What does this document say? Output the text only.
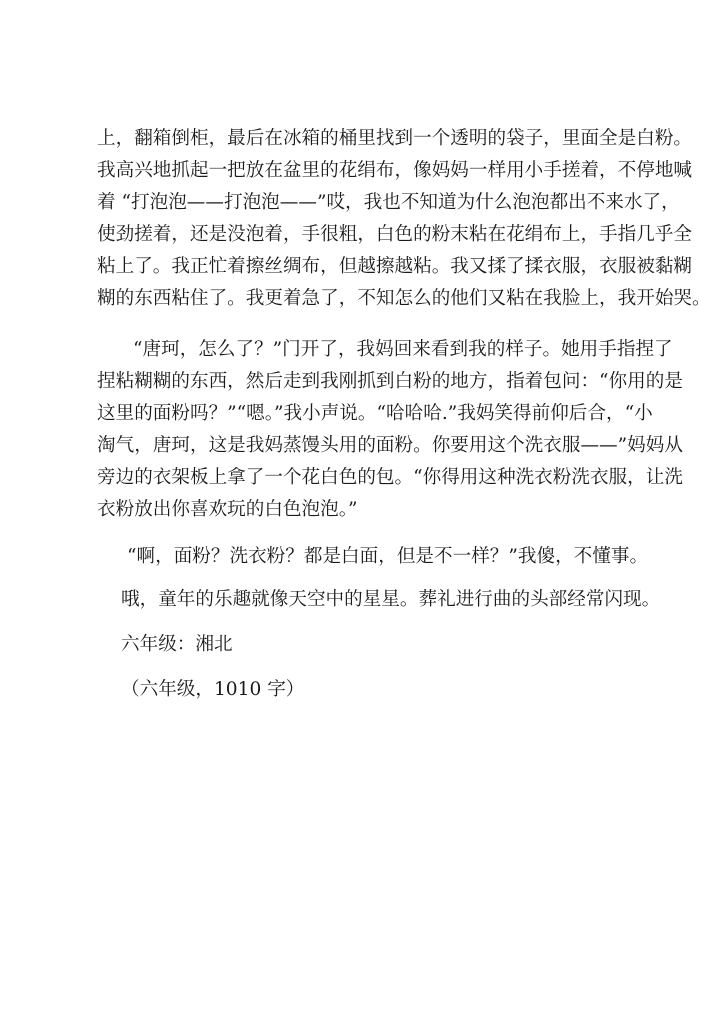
上，翻箱倒柜，最后在冰箱的桶里找到一个透明的袋子，里面全是白粉。
我高兴地抓起一把放在盆里的花绢布，像妈妈一样用小手搓着，不停地喊
着 “打泡泡——打泡泡——”哎，我也不知道为什么泡泡都出不来水了，
使劲搓着，还是没泡着，手很粗，白色的粉末粘在花绢布上，手指几乎全
粘上了。我正忙着擦丝绸布，但越擦越粘。我又揉了揉衣服，衣服被黏糊
糊的东西粘住了。我更着急了，不知怎么的他们又粘在我脸上，我开始哭。
“唐珂，怎么了？”门开了，我妈回来看到我的样子。她用手指捏了
捏粘糊糊的东西，然后走到我刚抓到白粉的地方，指着包问：“你用的是
这里的面粉吗？”“嗯。”我小声说。“哈哈哈.”我妈笑得前仰后合，“小
淘气，唐珂，这是我妈蒸馒头用的面粉。你要用这个洗衣服——”妈妈从
旁边的衣架板上拿了一个花白色的包。“你得用这种洗衣粉洗衣服，让洗
衣粉放出你喜欢玩的白色泡泡。”
“啊，面粉？洗衣粉？都是白面，但是不一样？”我傻，不懂事。
哦，童年的乐趣就像天空中的星星。葬礼进行曲的头部经常闪现。
六年级：湘北
（六年级，1010 字）
